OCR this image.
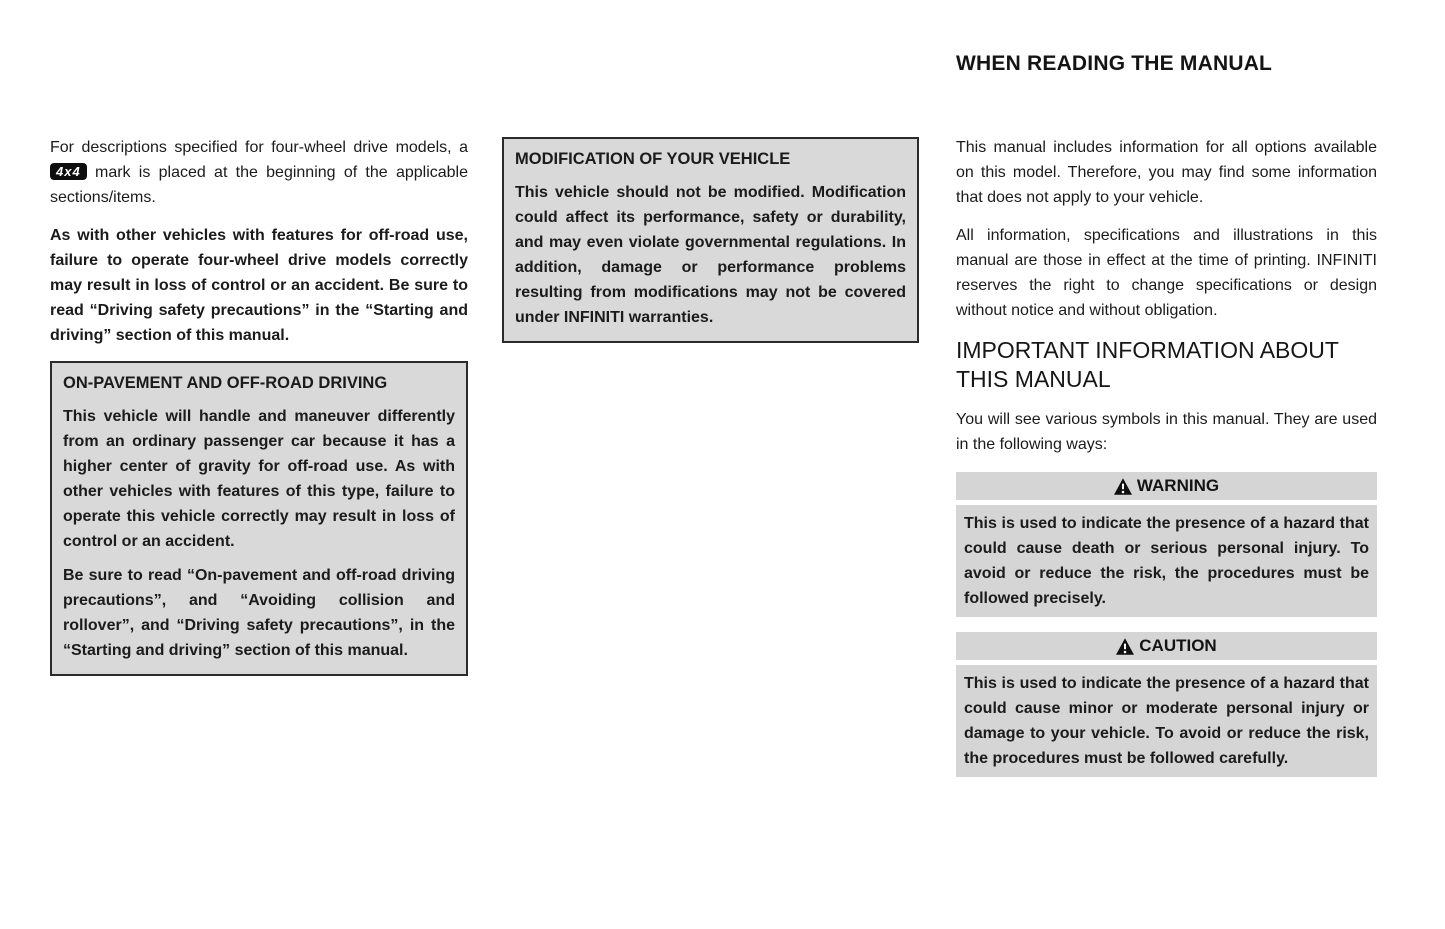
WHEN READING THE MANUAL

For descriptions specified for four-wheel drive models, a 4x4 mark is placed at the beginning of the applicable sections/items.

As with other vehicles with features for off-road use, failure to operate four-wheel drive models correctly may result in loss of control or an accident. Be sure to read “Driving safety precautions” in the “Starting and driving” section of this manual.

ON-PAVEMENT AND OFF-ROAD DRIVING

This vehicle will handle and maneuver differently from an ordinary passenger car because it has a higher center of gravity for off-road use. As with other vehicles with features of this type, failure to operate this vehicle correctly may result in loss of control or an accident.

Be sure to read “On-pavement and off-road driving precautions”, and “Avoiding collision and rollover”, and “Driving safety precautions”, in the “Starting and driving” section of this manual.

MODIFICATION OF YOUR VEHICLE

This vehicle should not be modified. Modification could affect its performance, safety or durability, and may even violate governmental regulations. In addition, damage or performance problems resulting from modifications may not be covered under INFINITI warranties.

This manual includes information for all options available on this model. Therefore, you may find some information that does not apply to your vehicle.

All information, specifications and illustrations in this manual are those in effect at the time of printing. INFINITI reserves the right to change specifications or design without notice and without obligation.

IMPORTANT INFORMATION ABOUT THIS MANUAL

You will see various symbols in this manual. They are used in the following ways:

WARNING

This is used to indicate the presence of a hazard that could cause death or serious personal injury. To avoid or reduce the risk, the procedures must be followed precisely.

CAUTION

This is used to indicate the presence of a hazard that could cause minor or moderate personal injury or damage to your vehicle. To avoid or reduce the risk, the procedures must be followed carefully.
